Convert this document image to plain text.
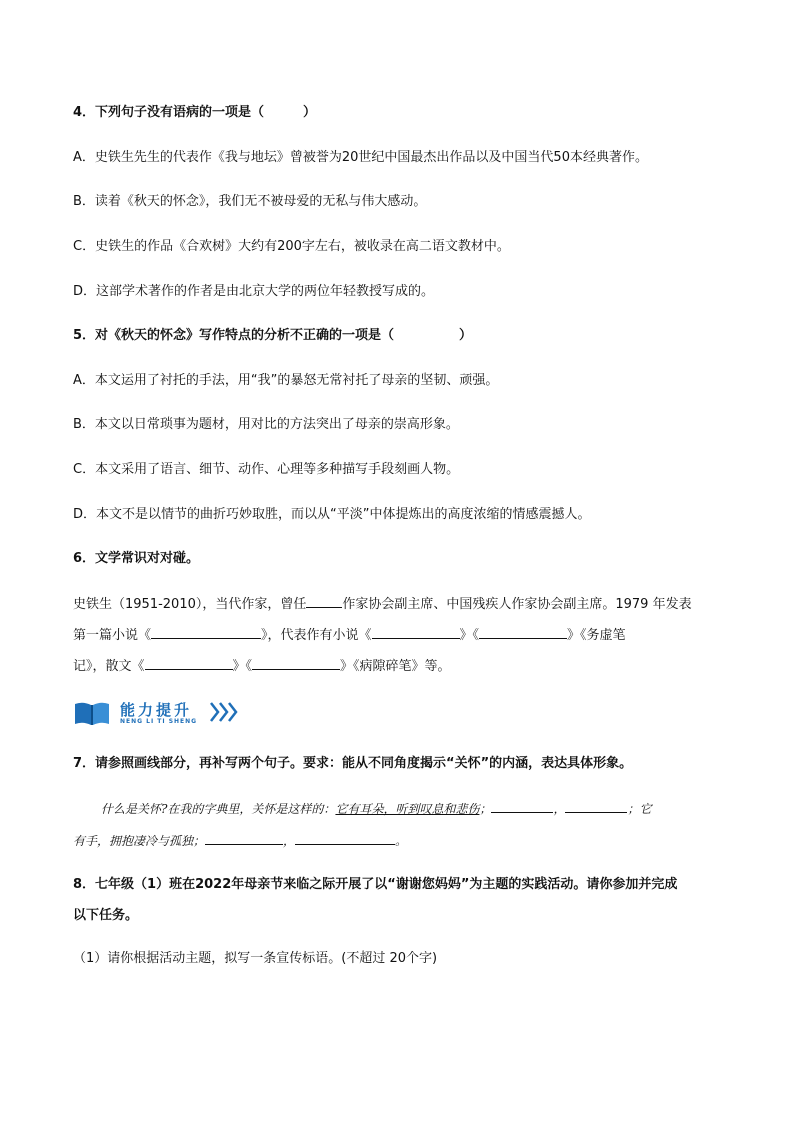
4．下列句子没有语病的一项是（　　　）
A．史铁生先生的代表作《我与地坛》曾被誉为20世纪中国最杰出作品以及中国当代50本经典著作。
B．读着《秋天的怀念》，我们无不被母爱的无私与伟大感动。
C．史铁生的作品《合欢树》大约有200字左右，被收录在高二语文教材中。
D．这部学术著作的作者是由北京大学的两位年轻教授写成的。
5．对《秋天的怀念》写作特点的分析不正确的一项是（　　　　　）
A．本文运用了衬托的手法，用“我”的暴怒无常衬托了母亲的坚韧、顽强。
B．本文以日常琐事为题材，用对比的方法突出了母亲的崇高形象。
C．本文采用了语言、细节、动作、心理等多种描写手段刻画人物。
D．本文不是以情节的曲折巧妙取胜，而以从“平淡”中体提炼出的高度浓缩的情感震撼人。
6．文学常识对对碰。
史铁生（1951-2010），当代作家，曾任	作家协会副主席、中国残疾人作家协会副主席。1979 年发表
第一篇小说《	》，代表作有小说《	》《	》《务虚笔
记》，散文《	》《	》《病隙碎笔》等。
能力提升
NENG LI TI SHENG
7．请参照画线部分，再补写两个句子。要求：能从不同角度揭示“关怀”的内涵，表达具体形象。
什么是关怀?在我的字典里，关怀是这样的：它有耳朵，听到叹息和悲伤；	，	；它
有手，拥抱凄冷与孤独；	，	。
8．七年级（1）班在2022年母亲节来临之际开展了以“谢谢您妈妈”为主题的实践活动。请你参加并完成
以下任务。
（1）请你根据活动主题，拟写一条宣传标语。(不超过 20个字)
